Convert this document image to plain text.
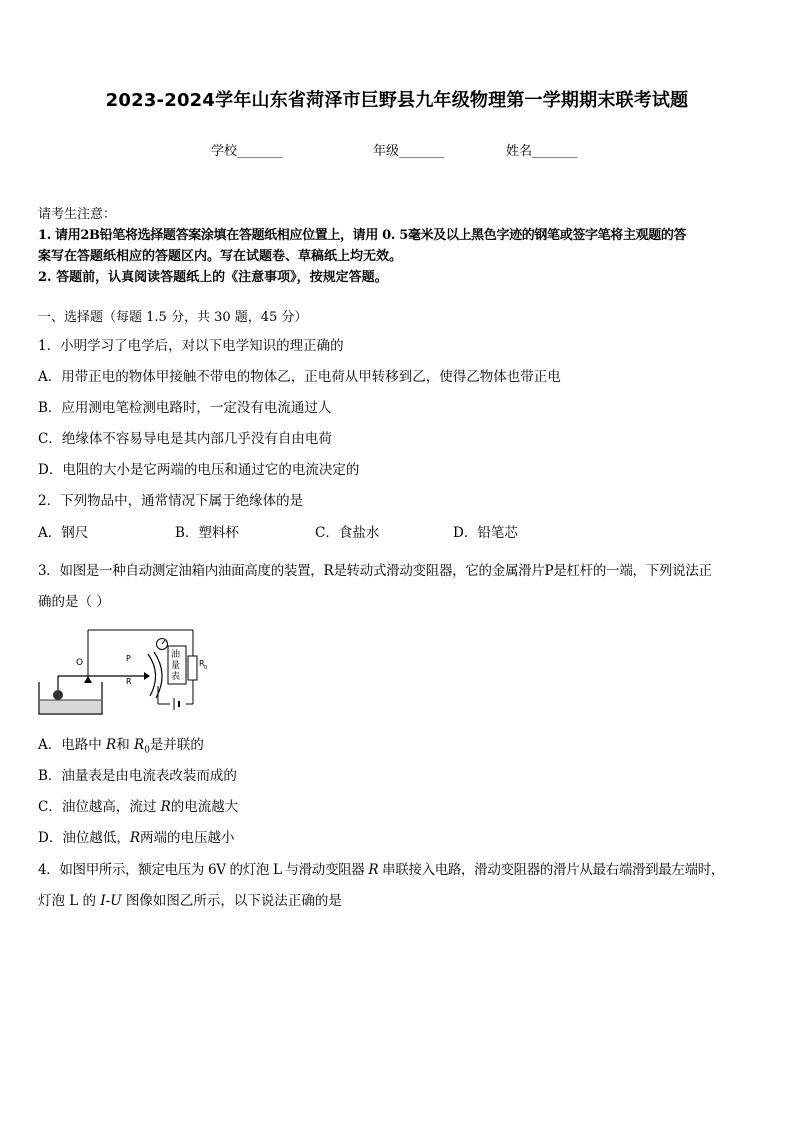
2023-2024学年山东省菏泽市巨野县九年级物理第一学期期末联考试题
学校_______	年级_______	姓名_______
请考生注意：
1. 请用2B铅笔将选择题答案涂填在答题纸相应位置上，请用 0. 5毫米及以上黑色字迹的钢笔或签字笔将主观题的答
案写在答题纸相应的答题区内。写在试题卷、草稿纸上均无效。
2. 答题前，认真阅读答题纸上的《注意事项》，按规定答题。
一、选择题（每题 1.5 分，共 30 题，45 分）
1．小明学习了电学后，对以下电学知识的理正确的
A．用带正电的物体甲接触不带电的物体乙，正电荷从甲转移到乙，使得乙物体也带正电
B．应用测电笔检测电路时，一定没有电流通过人
C．绝缘体不容易导电是其内部几乎没有自由电荷
D．电阻的大小是它两端的电压和通过它的电流决定的
2．下列物品中，通常情况下属于绝缘体的是
A．钢尺	B．塑料杯	C．食盐水	D．铅笔芯
3．如图是一种自动测定油箱内油面高度的装置，R是转动式滑动变阻器，它的金属滑片P是杠杆的一端，下列说法正
确的是（ ）
O	P
R
油
量
表
R 0
A．电路中 R和 $R_0$是并联的
B．油量表是由电流表改装而成的
C．油位越高，流过 R的电流越大
D．油位越低，R两端的电压越小
4．如图甲所示，额定电压为 6V 的灯泡 L 与滑动变阻器 R 串联接入电路，滑动变阻器的滑片从最右端滑到最左端时，
灯泡 L 的 I-U 图像如图乙所示，以下说法正确的是
